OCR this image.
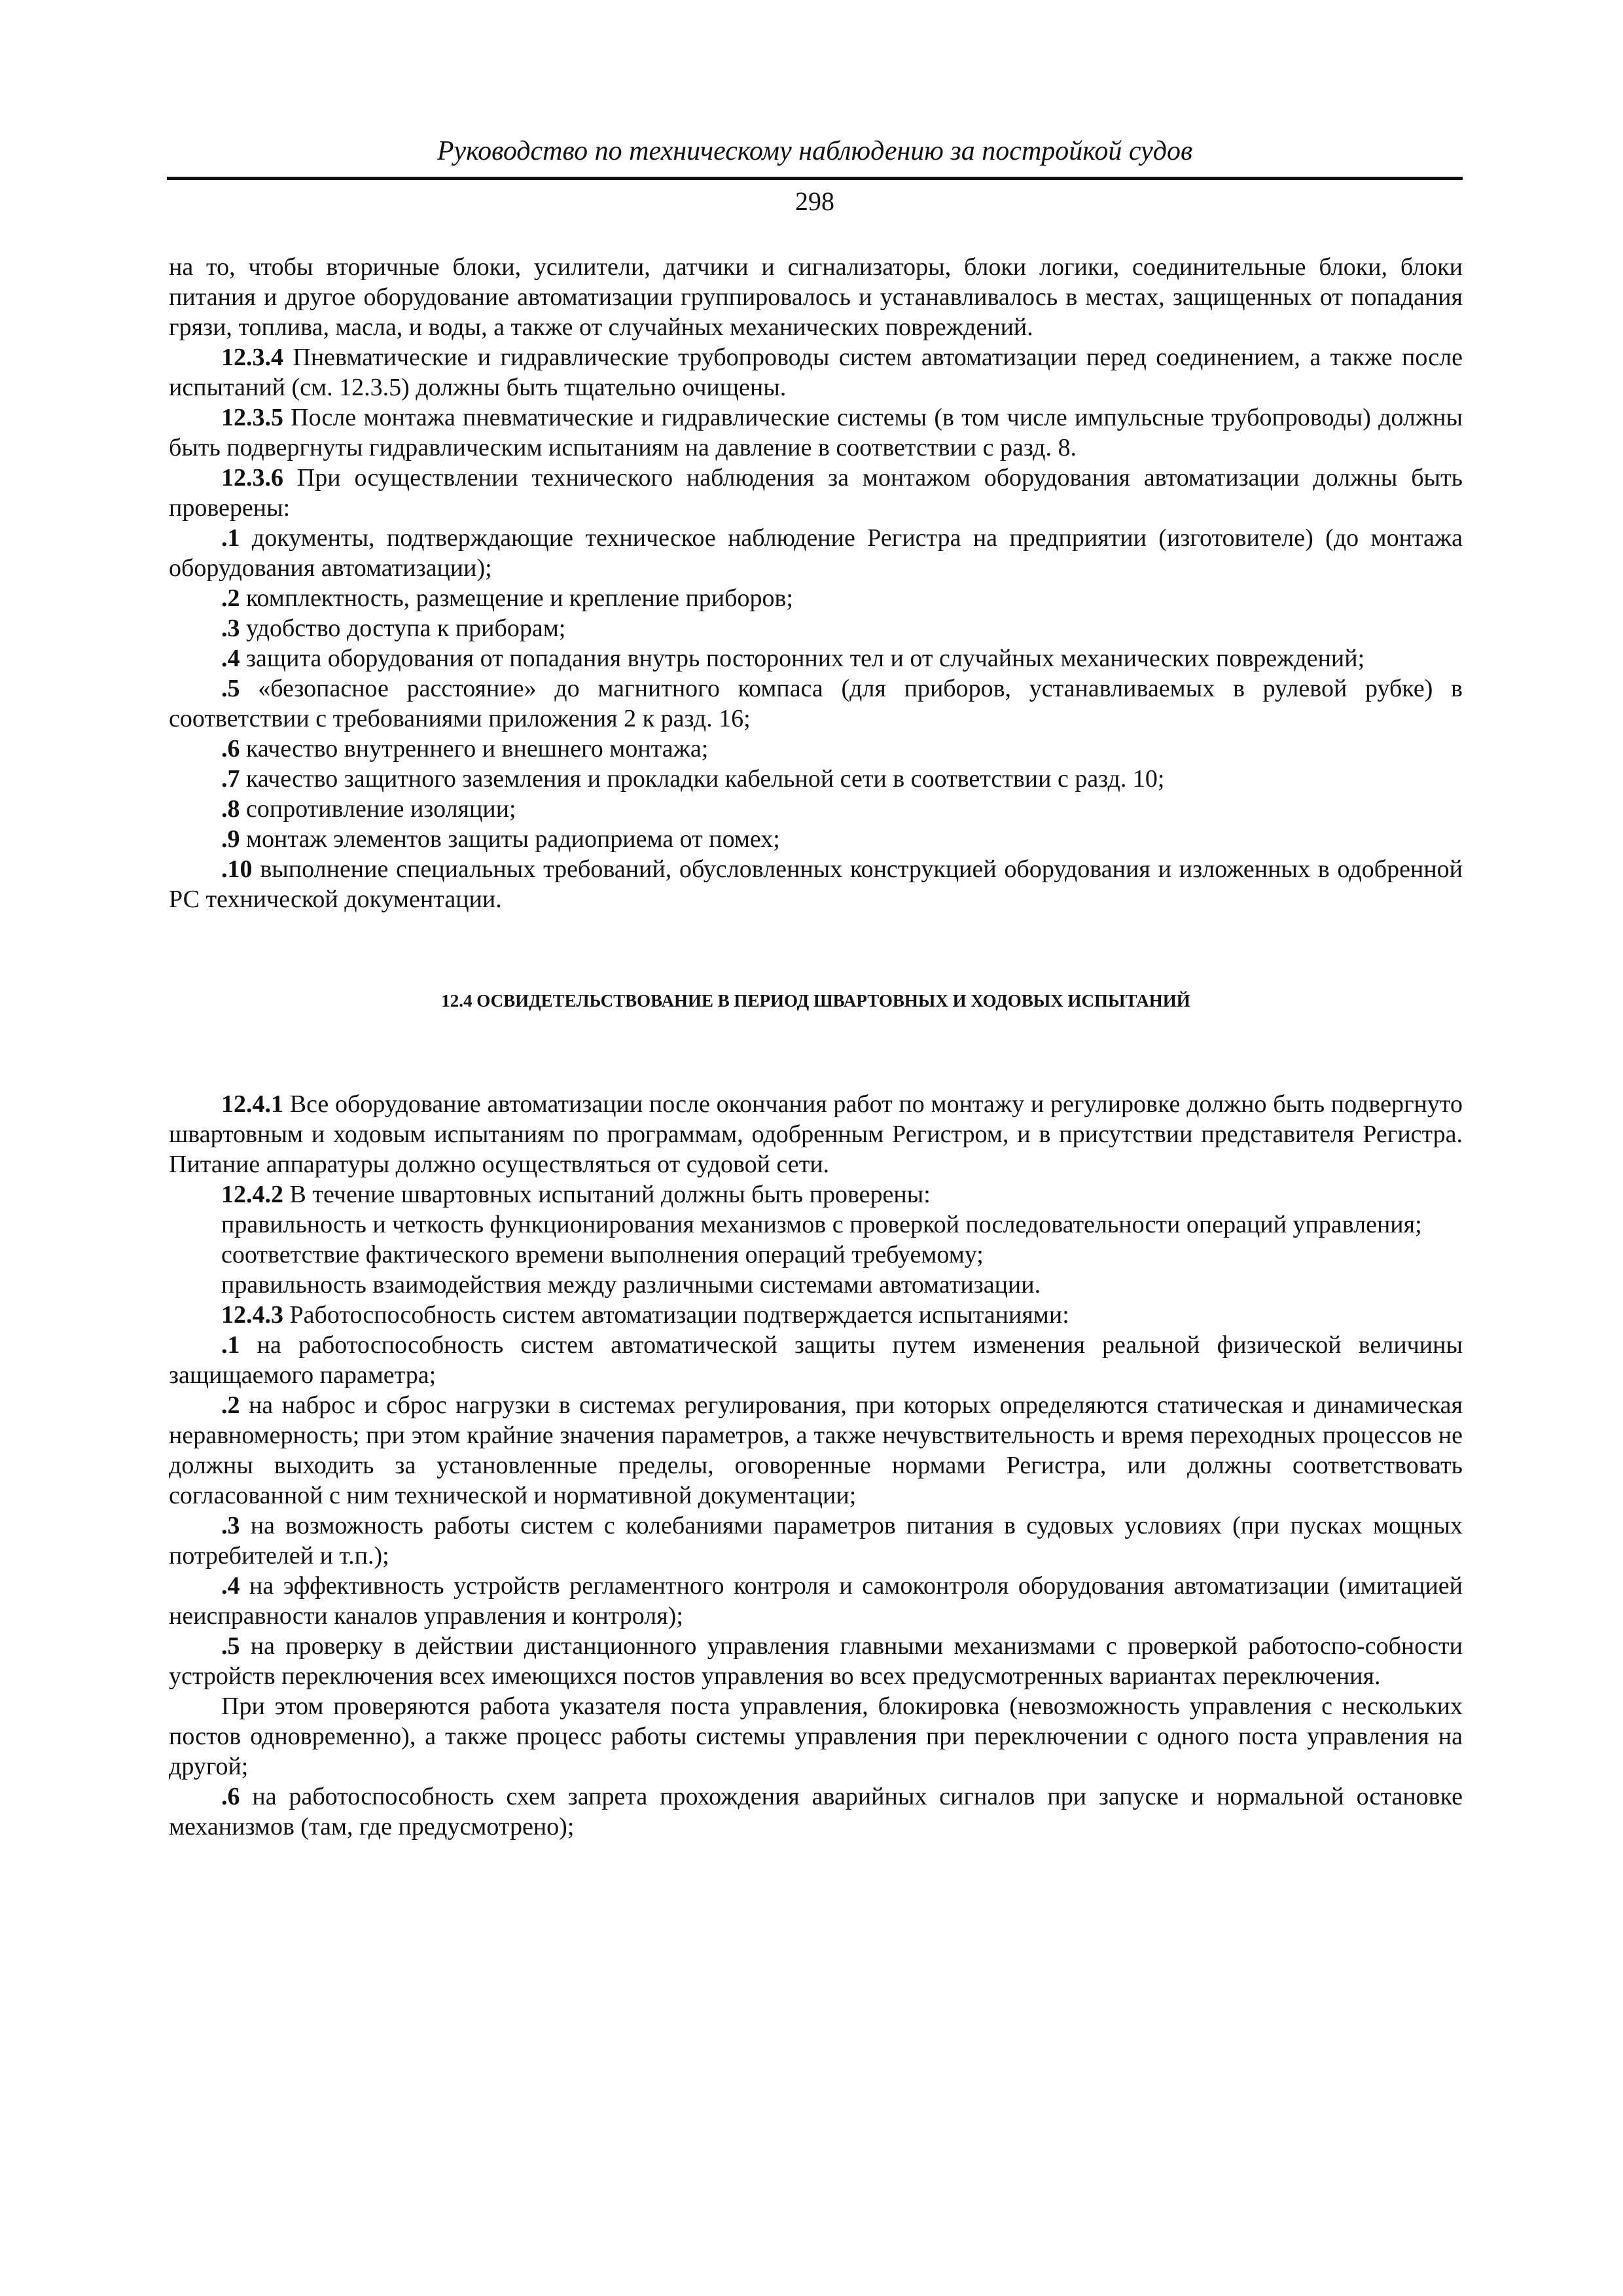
Руководство по техническому наблюдению за постройкой судов
298

на то, чтобы вторичные блоки, усилители, датчики и сигнализаторы, блоки логики, соединительные блоки, блоки питания и другое оборудование автоматизации группировалось и устанавливалось в местах, защищенных от попадания грязи, топлива, масла, и воды, а также от случайных механических повреждений.

12.3.4 Пневматические и гидравлические трубопроводы систем автоматизации перед соединением, а также после испытаний (см. 12.3.5) должны быть тщательно очищены.

12.3.5 После монтажа пневматические и гидравлические системы (в том числе импульсные трубопроводы) должны быть подвергнуты гидравлическим испытаниям на давление в соответствии с разд. 8.

12.3.6 При осуществлении технического наблюдения за монтажом оборудования автоматизации должны быть проверены:

.1 документы, подтверждающие техническое наблюдение Регистра на предприятии (изготовителе) (до монтажа оборудования автоматизации);

.2 комплектность, размещение и крепление приборов;

.3 удобство доступа к приборам;

.4 защита оборудования от попадания внутрь посторонних тел и от случайных механических повреждений;

.5 «безопасное расстояние» до магнитного компаса (для приборов, устанавливаемых в рулевой рубке) в соответствии с требованиями приложения 2 к разд. 16;

.6 качество внутреннего и внешнего монтажа;

.7 качество защитного заземления и прокладки кабельной сети в соответствии с разд. 10;

.8 сопротивление изоляции;

.9 монтаж элементов защиты радиоприема от помех;

.10 выполнение специальных требований, обусловленных конструкцией оборудования и изложенных в одобренной РС технической документации.

12.4 ОСВИДЕТЕЛЬСТВОВАНИЕ В ПЕРИОД ШВАРТОВНЫХ И ХОДОВЫХ ИСПЫТАНИЙ

12.4.1 Все оборудование автоматизации после окончания работ по монтажу и регулировке должно быть подвергнуто швартовным и ходовым испытаниям по программам, одобренным Регистром, и в присутствии представителя Регистра. Питание аппаратуры должно осуществляться от судовой сети.

12.4.2 В течение швартовных испытаний должны быть проверены:

правильность и четкость функционирования механизмов с проверкой последовательности операций управления;

соответствие фактического времени выполнения операций требуемому;

правильность взаимодействия между различными системами автоматизации.

12.4.3 Работоспособность систем автоматизации подтверждается испытаниями:

.1 на работоспособность систем автоматической защиты путем изменения реальной физической величины защищаемого параметра;

.2 на наброс и сброс нагрузки в системах регулирования, при которых определяются статическая и динамическая неравномерность; при этом крайние значения параметров, а также нечувствительность и время переходных процессов не должны выходить за установленные пределы, оговоренные нормами Регистра, или должны соответствовать согласованной с ним технической и нормативной документации;

.3 на возможность работы систем с колебаниями параметров питания в судовых условиях (при пусках мощных потребителей и т.п.);

.4 на эффективность устройств регламентного контроля и самоконтроля оборудования автоматизации (имитацией неисправности каналов управления и контроля);

.5 на проверку в действии дистанционного управления главными механизмами с проверкой работоспо-собности устройств переключения всех имеющихся постов управления во всех предусмотренных вариантах переключения.

При этом проверяются работа указателя поста управления, блокировка (невозможность управления с нескольких постов одновременно), а также процесс работы системы управления при переключении с одного поста управления на другой;

.6 на работоспособность схем запрета прохождения аварийных сигналов при запуске и нормальной остановке механизмов (там, где предусмотрено);
